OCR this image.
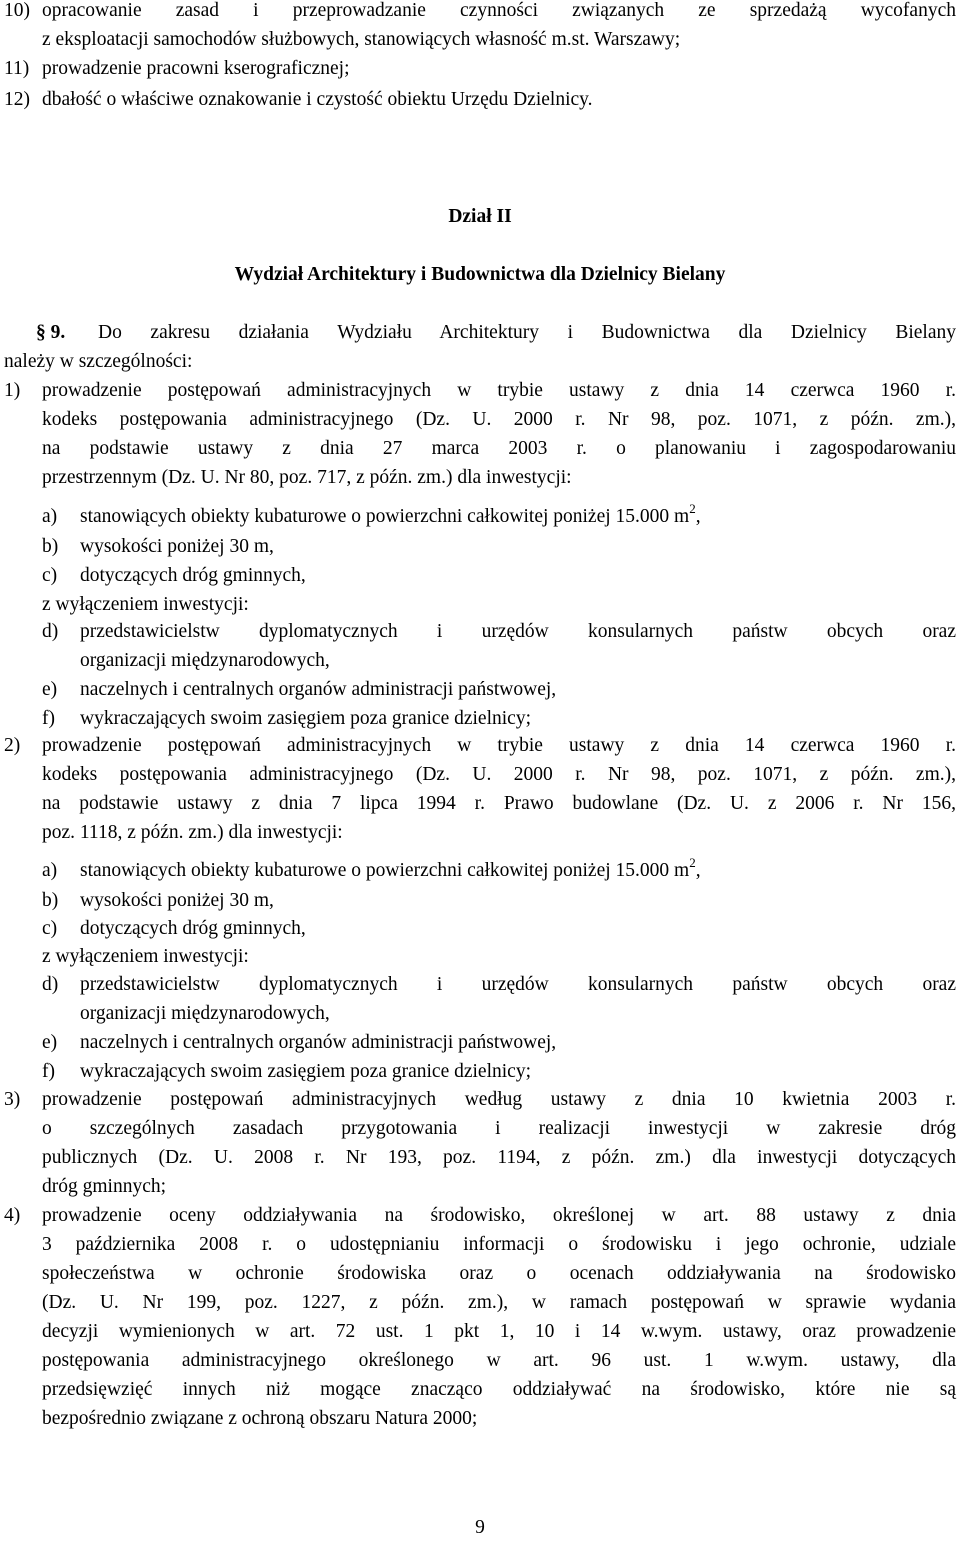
10) opracowanie zasad i przeprowadzanie czynności związanych ze sprzedażą wycofanych
z eksploatacji samochodów służbowych, stanowiących własność m.st. Warszawy;
11) prowadzenie pracowni kserograficznej;
12) dbałość o właściwe oznakowanie i czystość obiektu Urzędu Dzielnicy.
Dział II
Wydział Architektury i Budownictwa dla Dzielnicy Bielany
§ 9. Do zakresu działania Wydziału Architektury i Budownictwa dla Dzielnicy Bielany
należy w szczególności:
1) prowadzenie postępowań administracyjnych w trybie ustawy z dnia 14 czerwca 1960 r.
kodeks postępowania administracyjnego (Dz. U. 2000 r. Nr 98, poz. 1071, z późn. zm.),
na podstawie ustawy z dnia 27 marca 2003 r. o planowaniu i zagospodarowaniu
przestrzennym (Dz. U. Nr 80, poz. 717, z późn. zm.) dla inwestycji:
a) stanowiących obiekty kubaturowe o powierzchni całkowitej poniżej 15.000 $m^2$,
b) wysokości poniżej 30 m,
c) dotyczących dróg gminnych,
z wyłączeniem inwestycji:
d) przedstawicielstw dyplomatycznych i urzędów konsularnych państw obcych oraz
organizacji międzynarodowych,
e) naczelnych i centralnych organów administracji państwowej,
f) wykraczających swoim zasięgiem poza granice dzielnicy;
2) prowadzenie postępowań administracyjnych w trybie ustawy z dnia 14 czerwca 1960 r.
kodeks postępowania administracyjnego (Dz. U. 2000 r. Nr 98, poz. 1071, z późn. zm.),
na podstawie ustawy z dnia 7 lipca 1994 r. Prawo budowlane (Dz. U. z 2006 r. Nr 156,
poz. 1118, z późn. zm.) dla inwestycji:
a) stanowiących obiekty kubaturowe o powierzchni całkowitej poniżej 15.000 $m^2$,
b) wysokości poniżej 30 m,
c) dotyczących dróg gminnych,
z wyłączeniem inwestycji:
d) przedstawicielstw dyplomatycznych i urzędów konsularnych państw obcych oraz
organizacji międzynarodowych,
e) naczelnych i centralnych organów administracji państwowej,
f) wykraczających swoim zasięgiem poza granice dzielnicy;
3) prowadzenie postępowań administracyjnych według ustawy z dnia 10 kwietnia 2003 r.
o szczególnych zasadach przygotowania i realizacji inwestycji w zakresie dróg
publicznych (Dz. U. 2008 r. Nr 193, poz. 1194, z późn. zm.) dla inwestycji dotyczących
dróg gminnych;
4) prowadzenie oceny oddziaływania na środowisko, określonej w art. 88 ustawy z dnia
3 października 2008 r. o udostępnianiu informacji o środowisku i jego ochronie, udziale
społeczeństwa w ochronie środowiska oraz o ocenach oddziaływania na środowisko
(Dz. U. Nr 199, poz. 1227, z późn. zm.), w ramach postępowań w sprawie wydania
decyzji wymienionych w art. 72 ust. 1 pkt 1, 10 i 14 w.wym. ustawy, oraz prowadzenie
postępowania administracyjnego określonego w art. 96 ust. 1 w.wym. ustawy, dla
przedsięwzięć innych niż mogące znacząco oddziaływać na środowisko, które nie są
bezpośrednio związane z ochroną obszaru Natura 2000;
9
